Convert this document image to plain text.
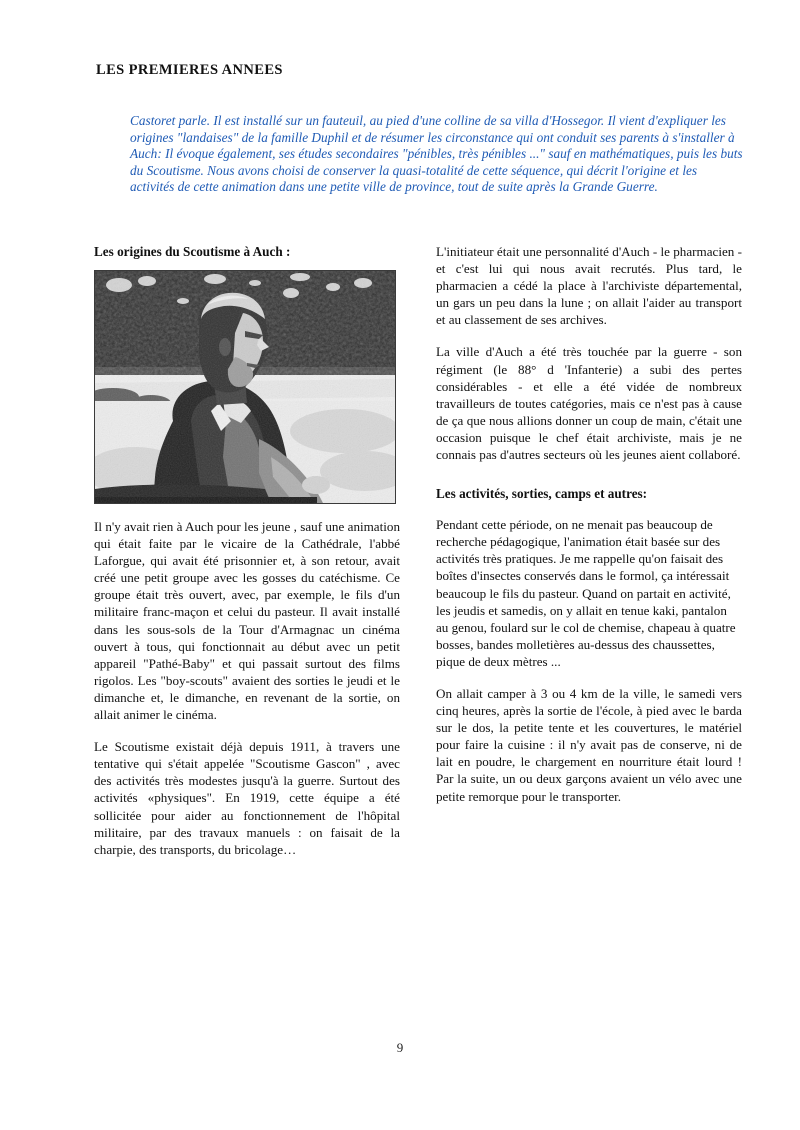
LES PREMIERES ANNEES

Castoret parle. Il est installé sur un fauteuil, au pied d'une colline de sa villa d'Hossegor. Il vient d'expliquer les origines "landaises" de la famille Duphil et de résumer les circonstance qui ont conduit ses parents à s'installer à Auch: Il évoque également, ses études secondaires "pénibles, très pénibles ..." sauf en mathématiques, puis les buts du Scoutisme. Nous avons choisi de conserver la quasi-totalité de cette séquence, qui décrit l'origine et les activités de cette animation dans une petite ville de province, tout de suite après la Grande Guerre.

Les origines du Scoutisme à Auch :

Il n'y avait rien à Auch pour les jeune , sauf une animation qui était faite par le vicaire de la Cathédrale, l'abbé Laforgue, qui avait été prisonnier et, à son retour, avait créé une petit groupe avec les gosses du catéchisme. Ce groupe était très ouvert, avec, par exemple, le fils d'un militaire franc-maçon et celui du pasteur. Il avait installé dans les sous-sols de la Tour d'Armagnac un cinéma ouvert à tous, qui fonctionnait au début avec un petit appareil "Pathé-Baby" et qui passait surtout des films rigolos. Les "boy-scouts" avaient des sorties le jeudi et le dimanche et, le dimanche, en revenant de la sortie, on allait animer le cinéma.

Le Scoutisme existait déjà depuis 1911, à travers une tentative qui s'était appelée "Scoutisme Gascon" , avec des activités très modestes jusqu'à la guerre. Surtout des activités «physiques". En 1919, cette équipe a été sollicitée pour aider au fonctionnement de l'hôpital militaire, par des travaux manuels : on faisait de la charpie, des transports, du bricolage…

L'initiateur était une personnalité d'Auch - le pharmacien - et c'est lui qui nous avait recrutés. Plus tard, le pharmacien a cédé la place à l'archiviste départemental, un gars un peu dans la lune ; on allait l'aider au transport et au classement de ses archives.

La ville d'Auch a été très touchée par la guerre - son régiment (le 88° d 'Infanterie) a subi des pertes considérables - et elle a été vidée de nombreux travailleurs de toutes catégories, mais ce n'est pas à cause de ça que nous allions donner un coup de main, c'était une occasion puisque le chef était archiviste, mais je ne connais pas d'autres secteurs où les jeunes aient collaboré.

Les activités, sorties, camps et autres:

Pendant cette période, on ne menait pas beaucoup de recherche pédagogique, l'animation était basée sur des activités très pratiques. Je me rappelle qu'on faisait des boîtes d'insectes conservés dans le formol, ça intéressait beaucoup le fils du pasteur. Quand on partait en activité, les jeudis et samedis, on y allait en tenue kaki, pantalon au genou, foulard sur le col de chemise, chapeau à quatre bosses, bandes molletières au-dessus des chaussettes, pique de deux mètres ...

On allait camper à 3 ou 4 km de la ville, le samedi vers cinq heures, après la sortie de l'école, à pied avec le barda sur le dos, la petite tente et les couvertures, le matériel pour faire la cuisine : il n'y avait pas de conserve, ni de lait en poudre, le chargement en nourriture était lourd ! Par la suite, un ou deux garçons avaient un vélo avec une petite remorque pour le transporter.

9
